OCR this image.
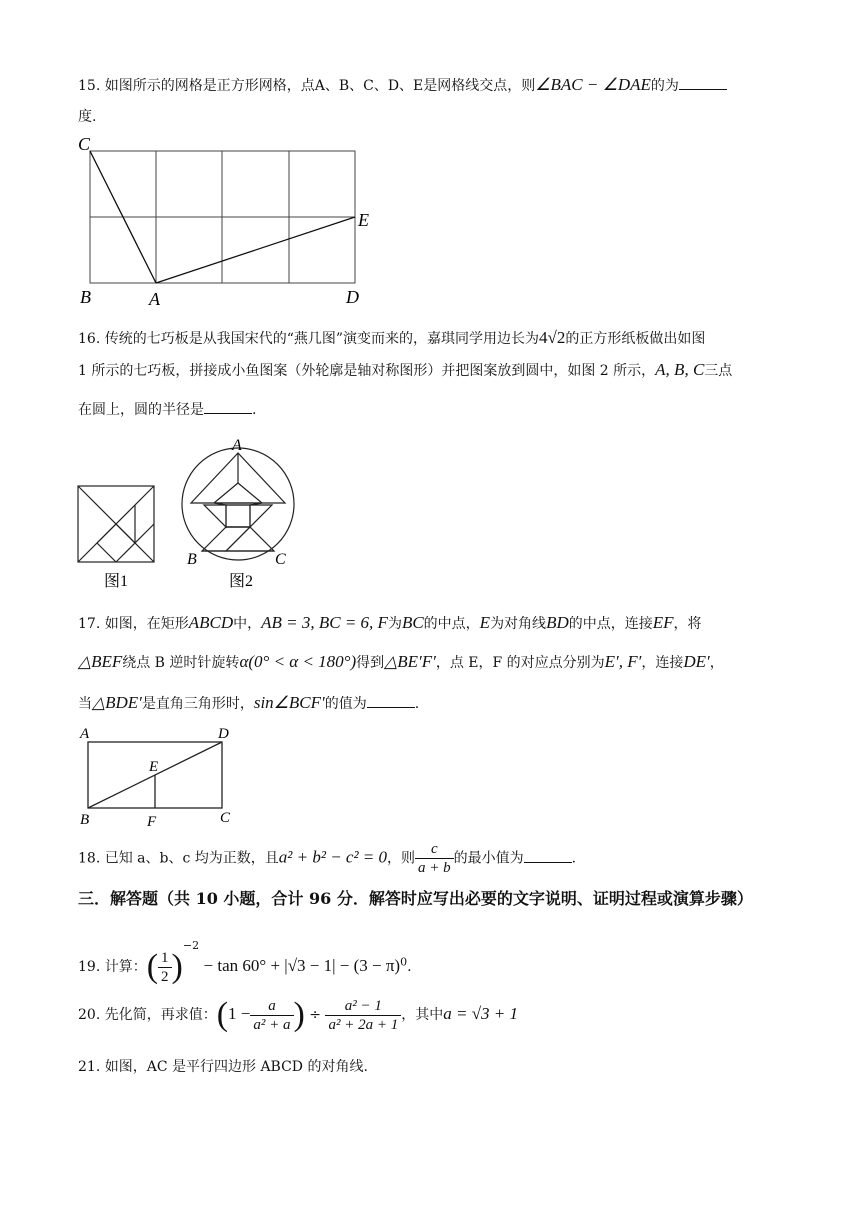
15. 如图所示的网格是正方形网格，点A、B、C、D、E是网格线交点，则∠BAC − ∠DAE的为
度.
C
E
B	A	D
16. 传统的七巧板是从我国宋代的“燕几图”演变而来的，嘉琪同学用边长为4√2的正方形纸板做出如图
1 所示的七巧板，拼接成小鱼图案（外轮廓是轴对称图形）并把图案放到圆中，如图 2 所示，A, B, C三点
在圆上，圆的半径是	.
图1
A
B	C
图2
17. 如图，在矩形ABCD中，AB = 3, BC = 6, F为BC的中点，E为对角线BD的中点，连接EF，将
△BEF绕点 B 逆时针旋转α(0° < α < 180°)得到△BE′F′，点 E，F 的对应点分别为E′, F′，连接DE′，
当△BDE′是直角三角形时，sin∠BCF′的值为	.
A	D
E
B	F	C
18. 已知 a、b、c 均为正数，且a² + b² − c² = 0，则 $\frac{c}{a + b}$ 的最小值为	.
三．解答题（共 10 小题，合计 96 分．解答时应写出必要的文字说明、证明过程或演算步骤）
19. 计算：( $\frac{1}{2} )^{-2} - \tan 60^\circ + |√3 - 1| - (3 - \pi)^0$.
20. 先化简，再求值：($1 - \frac{a}{\text{a² + a}}$ ) ÷ $\frac{\text{a² − 1}}{\text{a² + 2a + 1}}$ ，其中a = √3 + 1
21. 如图，AC 是平行四边形 ABCD 的对角线.
